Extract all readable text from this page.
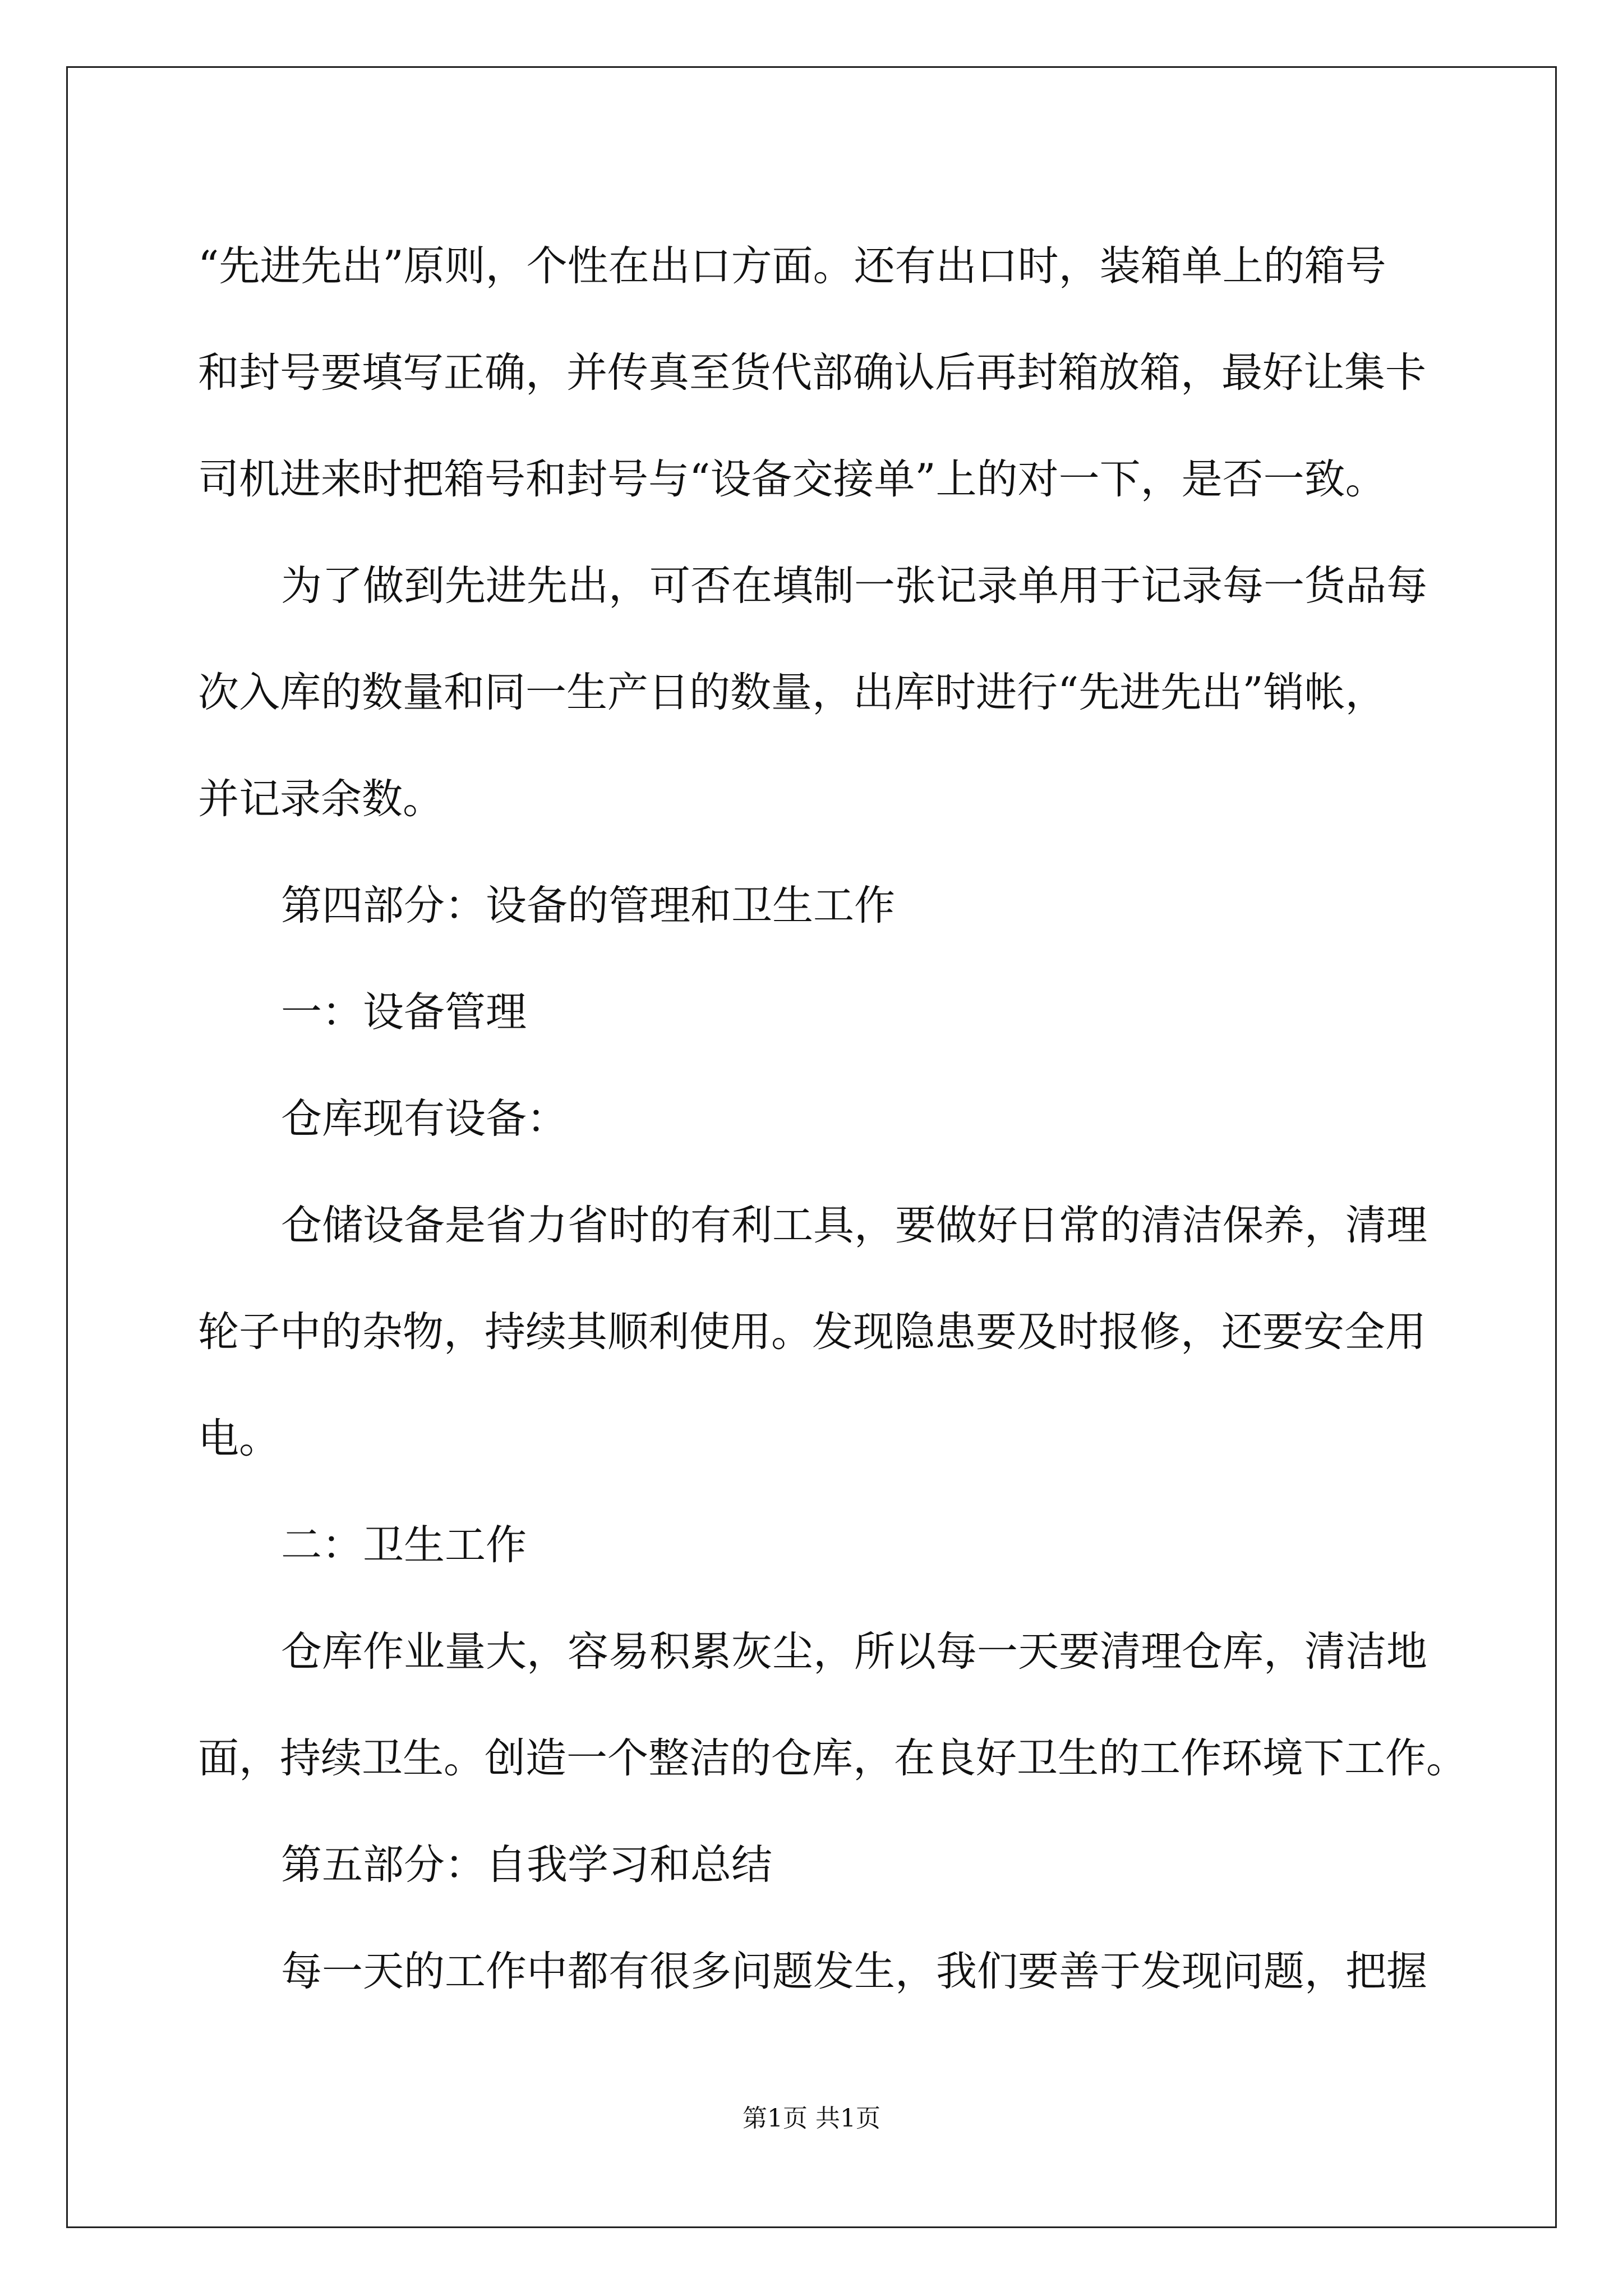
“先进先出”原则，个性在出口方面。还有出口时，装箱单上的箱号
和封号要填写正确，并传真至货代部确认后再封箱放箱，最好让集卡
司机进来时把箱号和封号与“设备交接单”上的对一下，是否一致。
为了做到先进先出，可否在填制一张记录单用于记录每一货品每
次入库的数量和同一生产日的数量，出库时进行“先进先出”销帐，
并记录余数。
第四部分：设备的管理和卫生工作
一：设备管理
仓库现有设备：
仓储设备是省力省时的有利工具，要做好日常的清洁保养，清理
轮子中的杂物，持续其顺利使用。发现隐患要及时报修，还要安全用
电。
二：卫生工作
仓库作业量大，容易积累灰尘，所以每一天要清理仓库，清洁地
面，持续卫生。创造一个整洁的仓库，在良好卫生的工作环境下工作。
第五部分：自我学习和总结
每一天的工作中都有很多问题发生，我们要善于发现问题，把握
第1页 共1页
